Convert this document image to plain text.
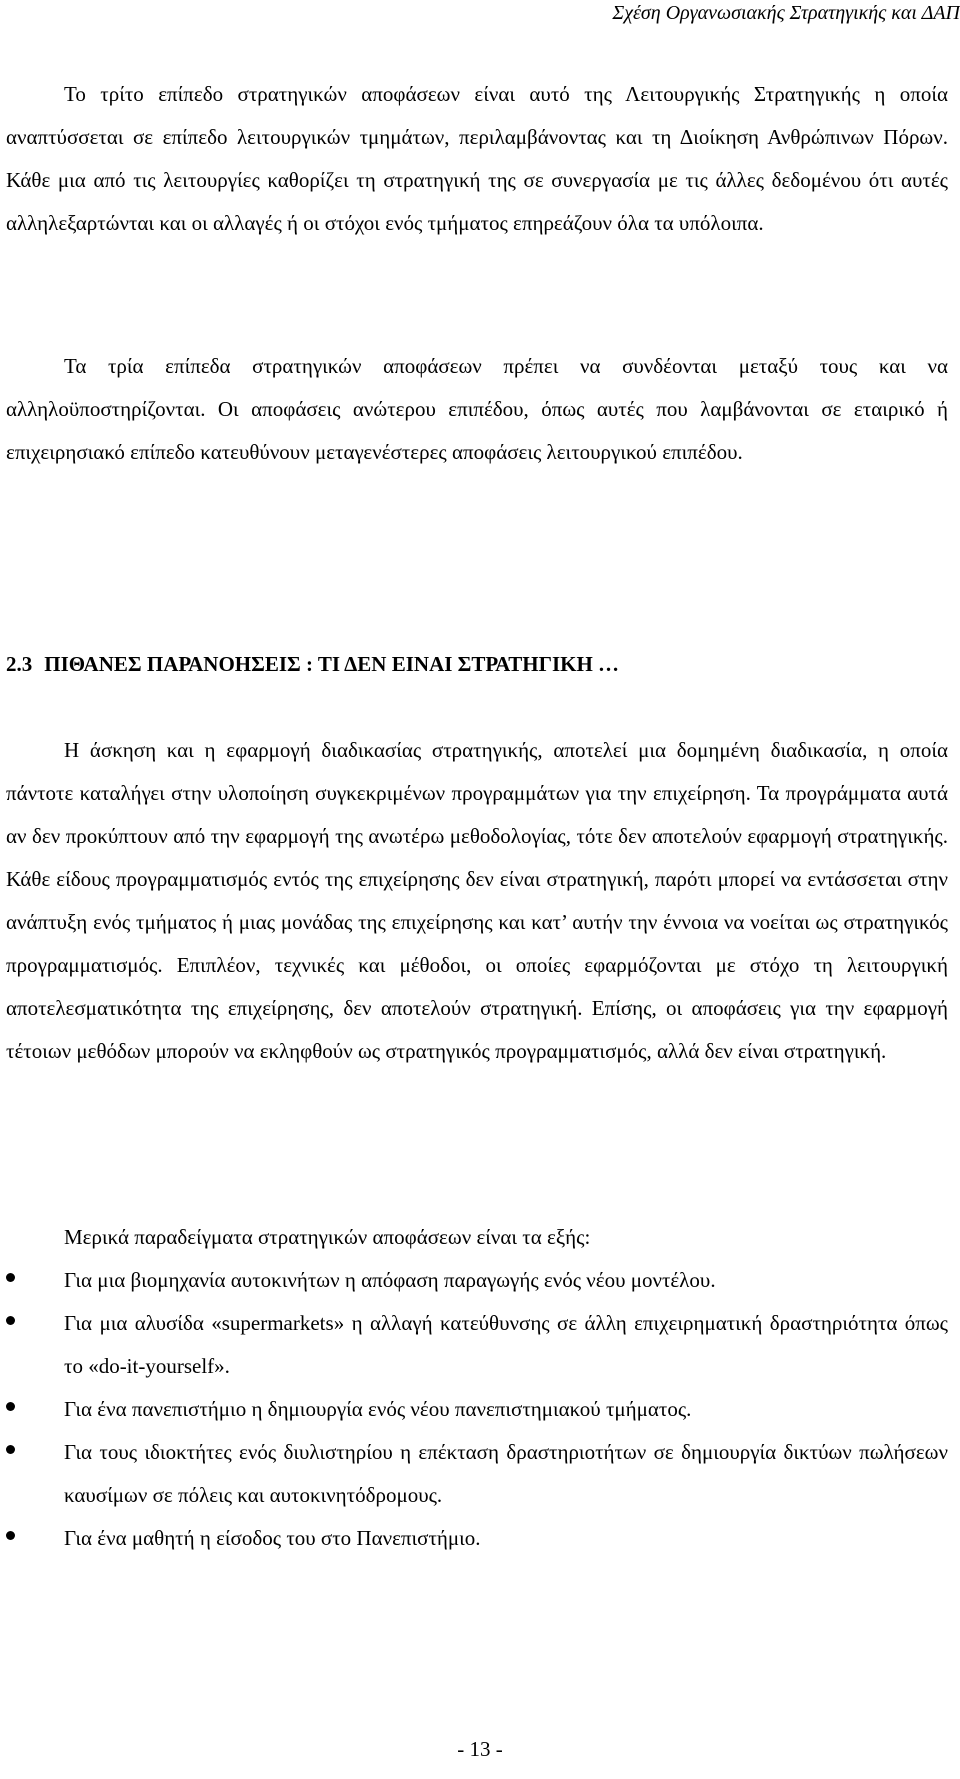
Σχέση Οργανωσιακής Στρατηγικής και ΔΑΠ

Το τρίτο επίπεδο στρατηγικών αποφάσεων είναι αυτό της Λειτουργικής Στρατηγικής η οποία αναπτύσσεται σε επίπεδο λειτουργικών τμημάτων, περιλαμβάνοντας και τη Διοίκηση Ανθρώπινων Πόρων. Κάθε μια από τις λειτουργίες καθορίζει τη στρατηγική της σε συνεργασία με τις άλλες δεδομένου ότι αυτές αλληλεξαρτώνται και οι αλλαγές ή οι στόχοι ενός τμήματος επηρεάζουν όλα τα υπόλοιπα.

Τα τρία επίπεδα στρατηγικών αποφάσεων πρέπει να συνδέονται μεταξύ τους και να αλληλοϋποστηρίζονται. Οι αποφάσεις ανώτερου επιπέδου, όπως αυτές που λαμβάνονται σε εταιρικό ή επιχειρησιακό επίπεδο κατευθύνουν μεταγενέστερες αποφάσεις λειτουργικού επιπέδου.

2.3 ΠΙΘΑΝΕΣ ΠΑΡΑΝΟΗΣΕΙΣ : ΤΙ ΔΕΝ ΕΙΝΑΙ ΣΤΡΑΤΗΓΙΚΗ …

Η άσκηση και η εφαρμογή διαδικασίας στρατηγικής, αποτελεί μια δομημένη διαδικασία, η οποία πάντοτε καταλήγει στην υλοποίηση συγκεκριμένων προγραμμάτων για την επιχείρηση. Τα προγράμματα αυτά αν δεν προκύπτουν από την εφαρμογή της ανωτέρω μεθοδολογίας, τότε δεν αποτελούν εφαρμογή στρατηγικής. Κάθε είδους προγραμματισμός εντός της επιχείρησης δεν είναι στρατηγική, παρότι μπορεί να εντάσσεται στην ανάπτυξη ενός τμήματος ή μιας μονάδας της επιχείρησης και κατ’ αυτήν την έννοια να νοείται ως στρατηγικός προγραμματισμός. Επιπλέον, τεχνικές και μέθοδοι, οι οποίες εφαρμόζονται με στόχο τη λειτουργική αποτελεσματικότητα της επιχείρησης, δεν αποτελούν στρατηγική. Επίσης, οι αποφάσεις για την εφαρμογή τέτοιων μεθόδων μπορούν να εκληφθούν ως στρατηγικός προγραμματισμός, αλλά δεν είναι στρατηγική.

Μερικά παραδείγματα στρατηγικών αποφάσεων είναι τα εξής:

Για μια βιομηχανία αυτοκινήτων η απόφαση παραγωγής ενός νέου μοντέλου.
Για μια αλυσίδα «supermarkets» η αλλαγή κατεύθυνσης σε άλλη επιχειρηματική δραστηριότητα όπως το «do-it-yourself».
Για ένα πανεπιστήμιο η δημιουργία ενός νέου πανεπιστημιακού τμήματος.
Για τους ιδιοκτήτες ενός διυλιστηρίου η επέκταση δραστηριοτήτων σε δημιουργία δικτύων πωλήσεων καυσίμων σε πόλεις και αυτοκινητόδρομους.
Για ένα μαθητή η είσοδος του στο Πανεπιστήμιο.
- 13 -
